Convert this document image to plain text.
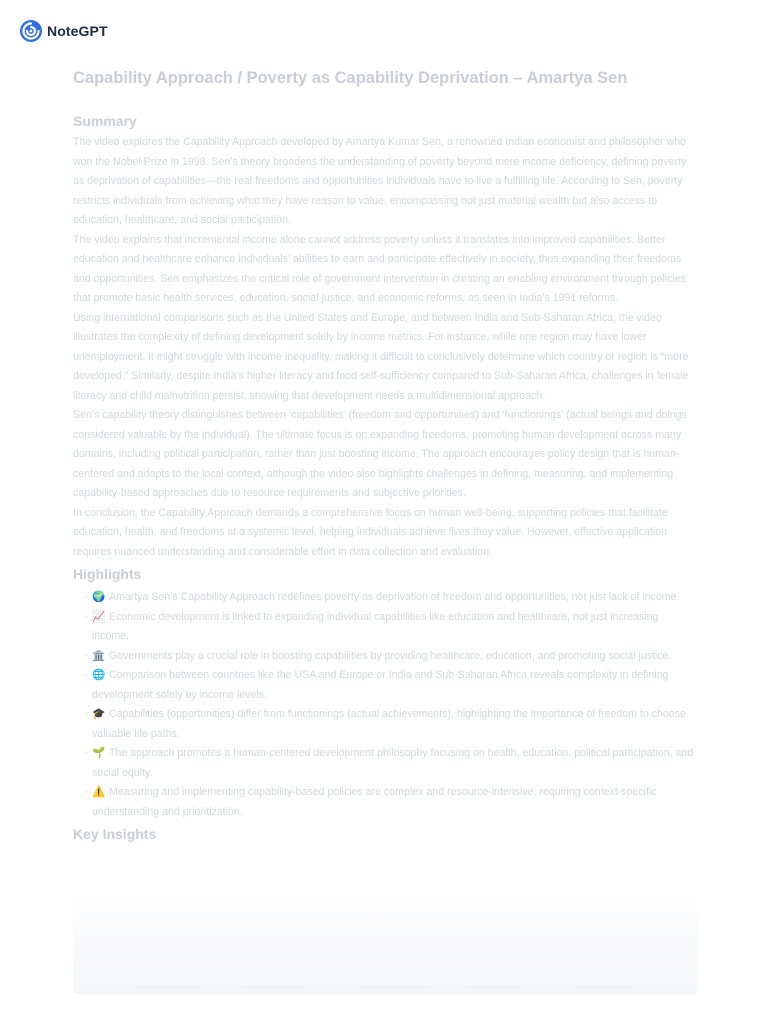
NoteGPT
Capability Approach / Poverty as Capability Deprivation – Amartya Sen
Summary

The video explores the Capability Approach developed by Amartya Kumar Sen, a renowned Indian economist and philosopher who won the Nobel Prize in 1998. Sen’s theory broadens the understanding of poverty beyond mere income deficiency, defining poverty as deprivation of capabilities—the real freedoms and opportunities individuals have to live a fulfilling life. According to Sen, poverty restricts individuals from achieving what they have reason to value, encompassing not just material wealth but also access to education, healthcare, and social participation.

The video explains that incremental income alone cannot address poverty unless it translates into improved capabilities. Better education and healthcare enhance individuals’ abilities to earn and participate effectively in society, thus expanding their freedoms and opportunities. Sen emphasizes the critical role of government intervention in creating an enabling environment through policies that promote basic health services, education, social justice, and economic reforms, as seen in India’s 1991 reforms.

Using international comparisons such as the United States and Europe, and between India and Sub-Saharan Africa, the video illustrates the complexity of defining development solely by income metrics. For instance, while one region may have lower unemployment, it might struggle with income inequality, making it difficult to conclusively determine which country or region is “more developed.” Similarly, despite India’s higher literacy and food self-sufficiency compared to Sub-Saharan Africa, challenges in female literacy and child malnutrition persist, showing that development needs a multidimensional approach.

Sen’s capability theory distinguishes between ‘capabilities’ (freedom and opportunities) and ‘functionings’ (actual beings and doings considered valuable by the individual). The ultimate focus is on expanding freedoms, promoting human development across many domains, including political participation, rather than just boosting income. The approach encourages policy design that is human-centered and adapts to the local context, although the video also highlights challenges in defining, measuring, and implementing capability-based approaches due to resource requirements and subjective priorities.

In conclusion, the Capability Approach demands a comprehensive focus on human well-being, supporting policies that facilitate education, health, and freedoms at a systemic level, helping individuals achieve lives they value. However, effective application requires nuanced understanding and considerable effort in data collection and evaluation.

Highlights
· 🌍 Amartya Sen’s Capability Approach redefines poverty as deprivation of freedom and opportunities, not just lack of income.
· 📈 Economic development is linked to expanding individual capabilities like education and healthcare, not just increasing income.
· 🏛️ Governments play a crucial role in boosting capabilities by providing healthcare, education, and promoting social justice.
· 🌐 Comparison between countries like the USA and Europe or India and Sub-Saharan Africa reveals complexity in defining development solely by income levels.
· 🎓 Capabilities (opportunities) differ from functionings (actual achievements), highlighting the importance of freedom to choose valuable life paths.
· 🌱 The approach promotes a human-centered development philosophy focusing on health, education, political participation, and social equity.
· ⚠️ Measuring and implementing capability-based policies are complex and resource-intensive, requiring context-specific understanding and prioritization.
Key Insights
